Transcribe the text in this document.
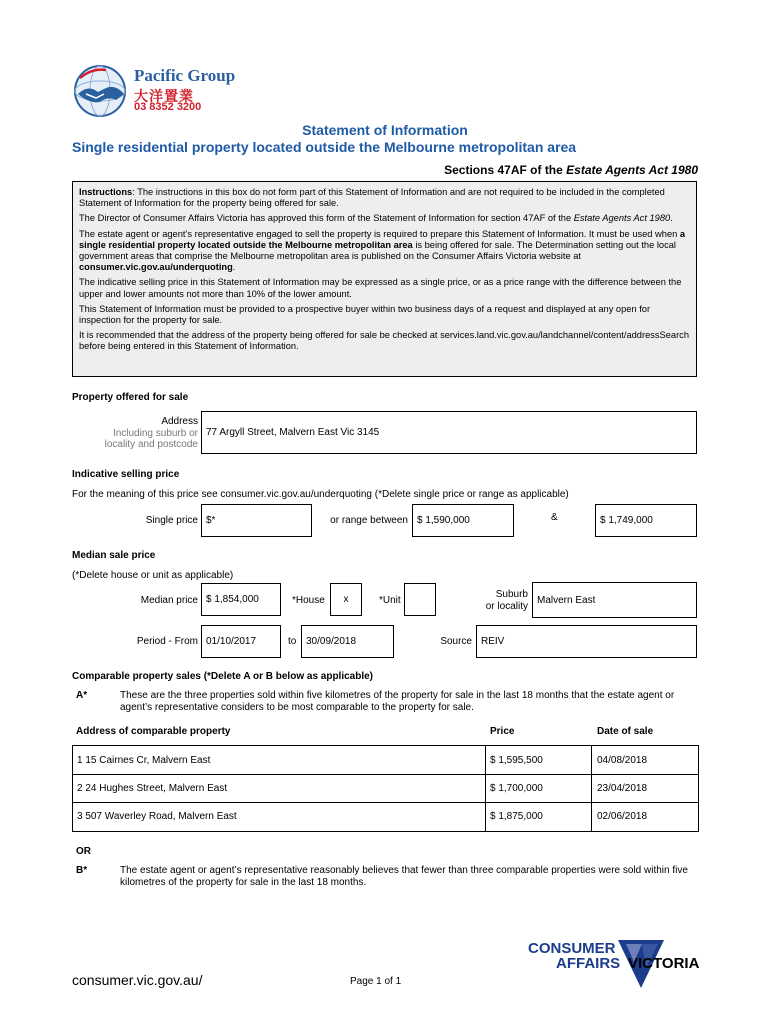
Pacific Group
大洋置業
03 8352 3200
Statement of Information
Single residential property located outside the Melbourne metropolitan area
Sections 47AF of the Estate Agents Act 1980

Instructions: The instructions in this box do not form part of this Statement of Information and are not required to be included in the completed Statement of Information for the property being offered for sale.

The Director of Consumer Affairs Victoria has approved this form of the Statement of Information for section 47AF of the Estate Agents Act 1980.

The estate agent or agent’s representative engaged to sell the property is required to prepare this Statement of Information. It must be used when a single residential property located outside the Melbourne metropolitan area is being offered for sale. The Determination setting out the local government areas that comprise the Melbourne metropolitan area is published on the Consumer Affairs Victoria website at consumer.vic.gov.au/underquoting.

The indicative selling price in this Statement of Information may be expressed as a single price, or as a price range with the difference between the upper and lower amounts not more than 10% of the lower amount.

This Statement of Information must be provided to a prospective buyer within two business days of a request and displayed at any open for inspection for the property for sale.

It is recommended that the address of the property being offered for sale be checked at services.land.vic.gov.au/landchannel/content/addressSearch before being entered in this Statement of Information.

Property offered for sale
Address
Including suburb or
locality and postcode
77 Argyll Street, Malvern East Vic 3145
Indicative selling price
For the meaning of this price see consumer.vic.gov.au/underquoting (*Delete single price or range as applicable)
Single price $*	or range between $ 1,590,000	&	$ 1,749,000
Median sale price
(*Delete house or unit as applicable)
Median price $ 1,854,000	*House x	*Unit
Suburb
or locality
Malvern East
Period - From 01/10/2017	to 30/09/2018	Source REIV
Comparable property sales (*Delete A or B below as applicable)
A*	These are the three properties sold within five kilometres of the property for sale in the last 18 months that the estate agent or agent’s representative considers to be most comparable to the property for sale.
Address of comparable property	Price	Date of sale
1 15 Cairnes Cr, Malvern East	$ 1,595,500	04/08/2018
2 24 Hughes Street, Malvern East	$ 1,700,000	23/04/2018
3 507 Waverley Road, Malvern East	$ 1,875,000	02/06/2018
OR
B*	The estate agent or agent’s representative reasonably believes that fewer than three comparable properties were sold within five kilometres of the property for sale in the last 18 months.
CONSUMER
AFFAIRS VICTORIA
consumer.vic.gov.au/	Page 1 of 1
